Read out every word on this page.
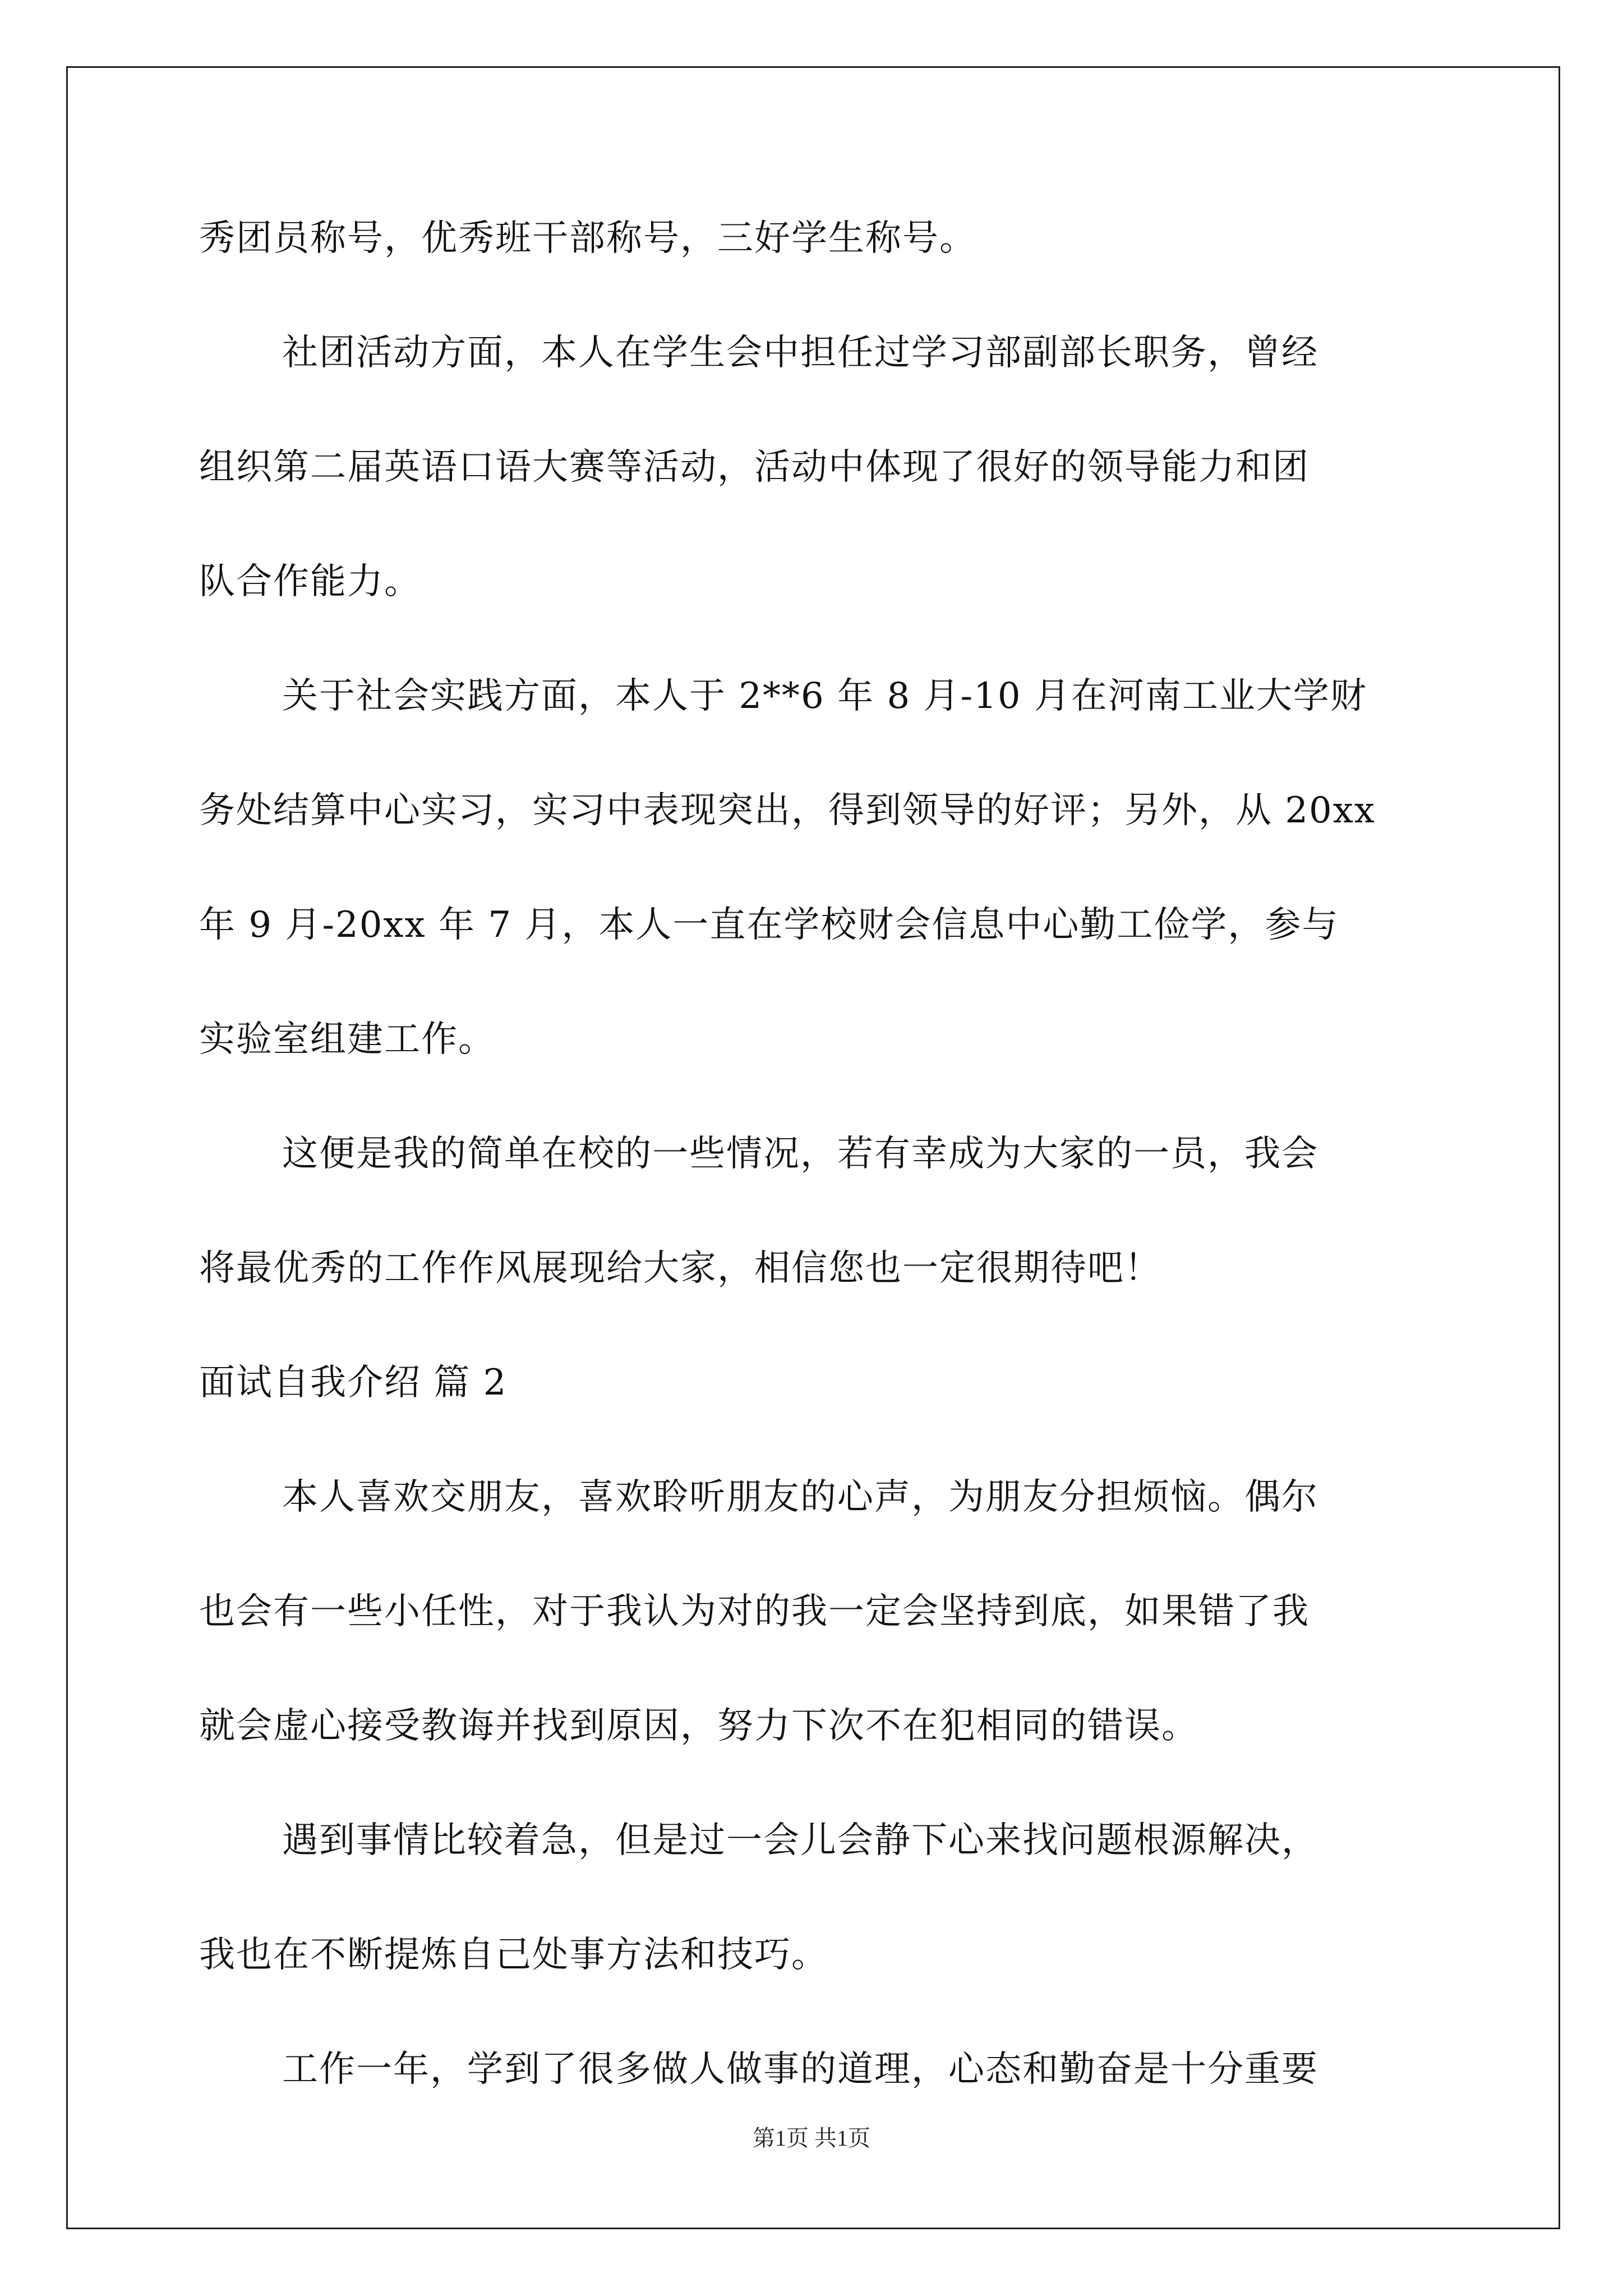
秀团员称号，优秀班干部称号，三好学生称号。

社团活动方面，本人在学生会中担任过学习部副部长职务，曾经

组织第二届英语口语大赛等活动，活动中体现了很好的领导能力和团

队合作能力。

关于社会实践方面，本人于 2**6 年 8 月-10 月在河南工业大学财

务处结算中心实习，实习中表现突出，得到领导的好评；另外，从 20xx

年 9 月-20xx 年 7 月，本人一直在学校财会信息中心勤工俭学，参与

实验室组建工作。

这便是我的简单在校的一些情况，若有幸成为大家的一员，我会

将最优秀的工作作风展现给大家，相信您也一定很期待吧！

面试自我介绍 篇 2

本人喜欢交朋友，喜欢聆听朋友的心声，为朋友分担烦恼。偶尔

也会有一些小任性，对于我认为对的我一定会坚持到底，如果错了我

就会虚心接受教诲并找到原因，努力下次不在犯相同的错误。

遇到事情比较着急，但是过一会儿会静下心来找问题根源解决，

我也在不断提炼自己处事方法和技巧。

第1页 共1页

工作一年，学到了很多做人做事的道理，心态和勤奋是十分重要
